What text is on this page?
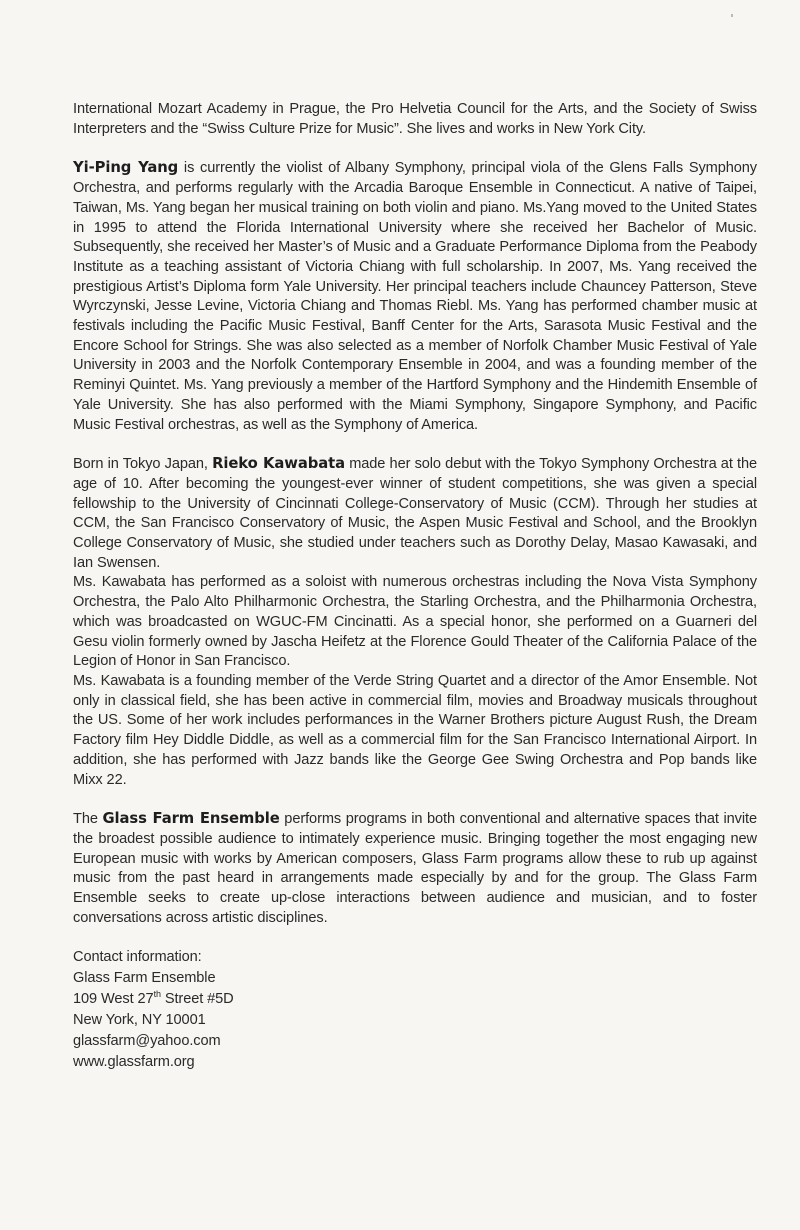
International Mozart Academy in Prague, the Pro Helvetia Council for the Arts, and the Society of Swiss Interpreters and the “Swiss Culture Prize for Music”. She lives and works in New York City.

Yi-Ping Yang is currently the violist of Albany Symphony, principal viola of the Glens Falls Symphony Orchestra, and performs regularly with the Arcadia Baroque Ensemble in Connecticut. A native of Taipei, Taiwan, Ms. Yang began her musical training on both violin and piano. Ms.Yang moved to the United States in 1995 to attend the Florida International University where she received her Bachelor of Music. Subsequently, she received her Master’s of Music and a Graduate Performance Diploma from the Peabody Institute as a teaching assistant of Victoria Chiang with full scholarship. In 2007, Ms. Yang received the prestigious Artist’s Diploma form Yale University. Her principal teachers include Chauncey Patterson, Steve Wyrczynski, Jesse Levine, Victoria Chiang and Thomas Riebl. Ms. Yang has performed chamber music at festivals including the Pacific Music Festival, Banff Center for the Arts, Sarasota Music Festival and the Encore School for Strings. She was also selected as a member of Norfolk Chamber Music Festival of Yale University in 2003 and the Norfolk Contemporary Ensemble in 2004, and was a founding member of the Reminyi Quintet. Ms. Yang previously a member of the Hartford Symphony and the Hindemith Ensemble of Yale University. She has also performed with the Miami Symphony, Singapore Symphony, and Pacific Music Festival orchestras, as well as the Symphony of America.

Born in Tokyo Japan, Rieko Kawabata made her solo debut with the Tokyo Symphony Orchestra at the age of 10. After becoming the youngest-ever winner of student competitions, she was given a special fellowship to the University of Cincinnati College-Conservatory of Music (CCM). Through her studies at CCM, the San Francisco Conservatory of Music, the Aspen Music Festival and School, and the Brooklyn College Conservatory of Music, she studied under teachers such as Dorothy Delay, Masao Kawasaki, and Ian Swensen.

Ms. Kawabata has performed as a soloist with numerous orchestras including the Nova Vista Symphony Orchestra, the Palo Alto Philharmonic Orchestra, the Starling Orchestra, and the Philharmonia Orchestra, which was broadcasted on WGUC-FM Cincinatti. As a special honor, she performed on a Guarneri del Gesu violin formerly owned by Jascha Heifetz at the Florence Gould Theater of the California Palace of the Legion of Honor in San Francisco.

Ms. Kawabata is a founding member of the Verde String Quartet and a director of the Amor Ensemble. Not only in classical field, she has been active in commercial film, movies and Broadway musicals throughout the US. Some of her work includes performances in the Warner Brothers picture August Rush, the Dream Factory film Hey Diddle Diddle, as well as a commercial film for the San Francisco International Airport. In addition, she has performed with Jazz bands like the George Gee Swing Orchestra and Pop bands like Mixx 22.

The Glass Farm Ensemble performs programs in both conventional and alternative spaces that invite the broadest possible audience to intimately experience music. Bringing together the most engaging new European music with works by American composers, Glass Farm programs allow these to rub up against music from the past heard in arrangements made especially by and for the group. The Glass Farm Ensemble seeks to create up-close interactions between audience and musician, and to foster conversations across artistic disciplines.

Contact information:
Glass Farm Ensemble
109 West 27th Street #5D
New York, NY 10001
glassfarm@yahoo.com
www.glassfarm.org
